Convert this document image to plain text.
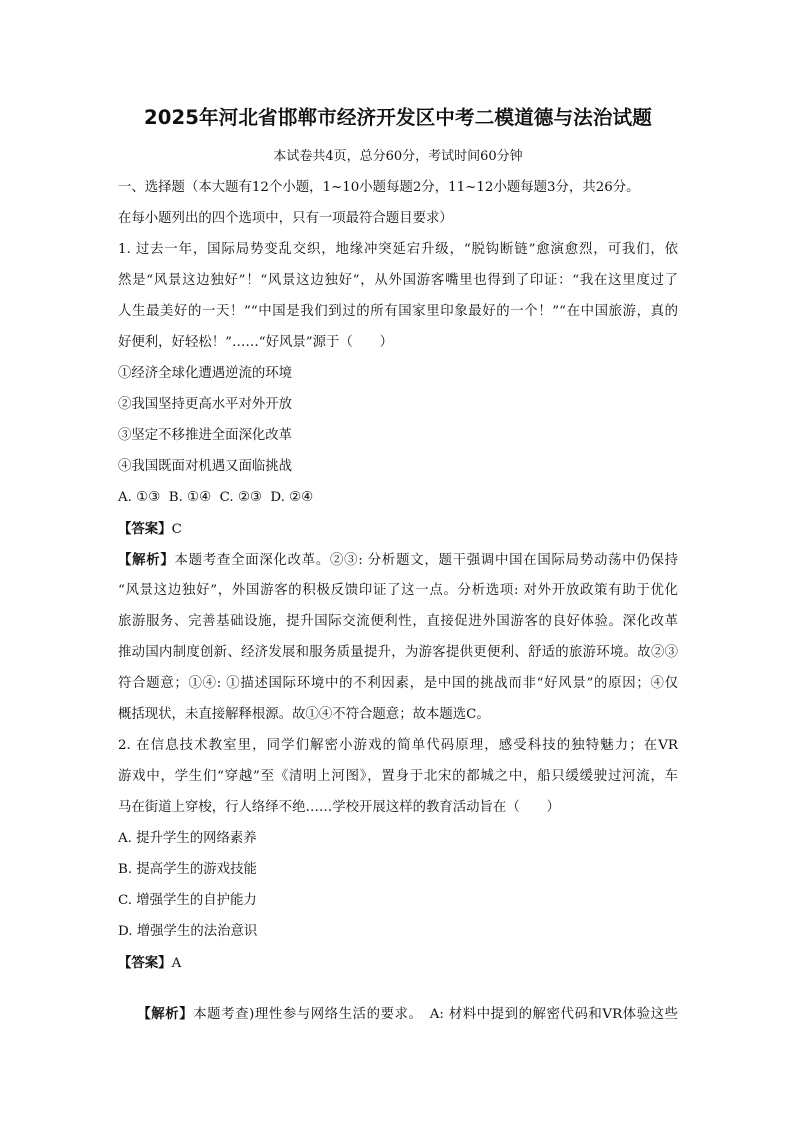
2025年河北省邯郸市经济开发区中考二模道德与法治试题
本试卷共4页，总分60分，考试时间60分钟
一、选择题（本大题有12个小题，1~10小题每题2分，11~12小题每题3分，共26分。
在每小题列出的四个选项中，只有一项最符合题目要求）
1. 过去一年，国际局势变乱交织，地缘冲突延宕升级，“脱钩断链”愈演愈烈，可我们，依
然是“风景这边独好”！“风景这边独好”，从外国游客嘴里也得到了印证：“我在这里度过了
人生最美好的一天！”“中国是我们到过的所有国家里印象最好的一个！”“在中国旅游，真的
好便利，好轻松！”……“好风景”源于（　　）
①经济全球化遭遇逆流的环境
②我国坚持更高水平对外开放
③坚定不移推进全面深化改革
④我国既面对机遇又面临挑战
A. ①③  B. ①④  C. ②③  D. ②④
【答案】C
【解析】本题考查全面深化改革。②③: 分析题文，题干强调中国在国际局势动荡中仍保持
“风景这边独好”，外国游客的积极反馈印证了这一点。分析选项: 对外开放政策有助于优化
旅游服务、完善基础设施，提升国际交流便利性，直接促进外国游客的良好体验。深化改革
推动国内制度创新、经济发展和服务质量提升，为游客提供更便利、舒适的旅游环境。故②③
符合题意；①④: ①描述国际环境中的不利因素，是中国的挑战而非“好风景”的原因；④仅
概括现状，未直接解释根源。故①④不符合题意；故本题选C。
2. 在信息技术教室里，同学们解密小游戏的简单代码原理，感受科技的独特魅力；在VR
游戏中，学生们“穿越”至《清明上河图》，置身于北宋的都城之中，船只缓缓驶过河流，车
马在街道上穿梭，行人络绎不绝……学校开展这样的教育活动旨在（　　）
A. 提升学生的网络素养
B. 提高学生的游戏技能
C. 增强学生的自护能力
D. 增强学生的法治意识
【答案】A

【解析】本题考查)理性参与网络生活的要求。　A: 材料中提到的解密代码和VR体验这些
